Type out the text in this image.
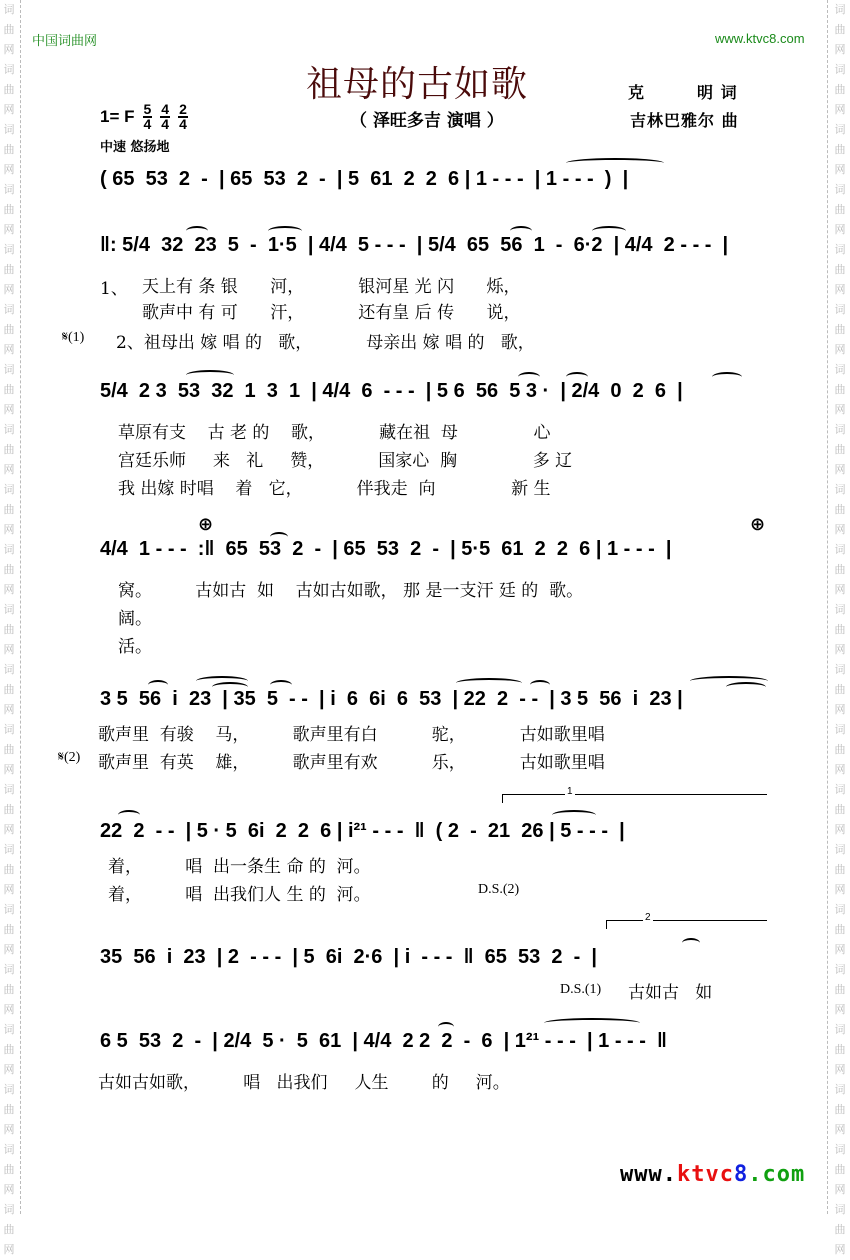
词
曲
网
词
曲
网
词
曲
网
词
曲
网
词
曲
网
词
曲
网
词
曲
网
词
曲
网
词
曲
网
词
曲
网
词
曲
网
词
曲
网
词
曲
网
词
曲
网
词
曲
网
词
曲
网
词
曲
网
词
曲
网
词
曲
网
词
曲
网
词
曲
网
词
曲
网
词
曲
网
词
曲
网
词
曲
网
词
曲
网
词
曲
网
词
曲
网
词
曲
网
词
曲
网
词
曲
网
词
曲
网
词
曲
网
词
曲
网
词
曲
网
词
曲
网
词
曲
网
词
曲
网
词
曲
网
词
曲
网
词
曲
网
词
曲
网
中国词曲网	www.ktvc8.com
祖母的古如歌
（ 泽旺多吉 演唱 ）
克	明 词
吉林巴雅尔 曲
1= F $\frac{5}{4} \frac{4}{4} \frac{2}{4}$
中速 悠扬地
( 65  53  2  -  | 65  53  2  -  | 5  61  2  2  6 | 1 - - -  | 1 - - -  )  |
‖: 5/4  32  23  5  -  1·5  | 4/4  5 - - -  | 5/4  65  56  1  -  6·2  | 4/4  2 - - -  |
1、 天上有 条 银      河，          银河星 光 闪      烁，
歌声中 有 可      汗，          还有皇 后 传      说，
𝄋(1) 2、祖母出 嫁 唱 的   歌，          母亲出 嫁 唱 的   歌，
5/4  2 3  53  32  1  3  1  | 4/4  6  - - -  | 5 6  56  5 3 ·  | 2/4  0  2  6  |
草原有支    古 老 的    歌，          藏在祖  母              心
宫廷乐师     来   礼     赞，          国家心  胸              多 辽
我 出嫁 时唱    着   它，          伴我走  向              新 生
⊕	⊕
4/4  1 - - -  :‖  65  53  2  -  | 65  53  2  -  | 5·5  61  2  2  6 | 1 - - -  |
窝。        古如古  如    古如古如歌， 那 是一支汗 廷 的  歌。
阔。
活。
3 5  56  i  23  | 35  5  - -  | i  6  6i  6  53  | 22  2  - -  | 3 5  56  i  23 |
歌声里  有骏    马，        歌声里有白          驼，          古如歌里唱
𝄋(2) 歌声里  有英    雄，        歌声里有欢          乐，          古如歌里唱
1
22  2  - -  | 5 · 5  6i  2  2  6 | i²¹ - - -  ‖  ( 2  -  21  26 | 5 - - -  |
着，        唱  出一条生 命 的  河。
着，        唱  出我们人 生 的  河。	D.S.(2)
2
35  56  i  23  | 2  - - -  | 5  6i  2·6  | i  - - -  ‖  65  53  2  -  |
D.S.(1) 古如古   如
6 5  53  2  -  | 2/4  5 ·  5  61  | 4/4  2 2  2  -  6  | 1²¹ - - -  | 1 - - -  ‖
古如古如歌，        唱   出我们     人生        的     河。
www.ktvc8.com
